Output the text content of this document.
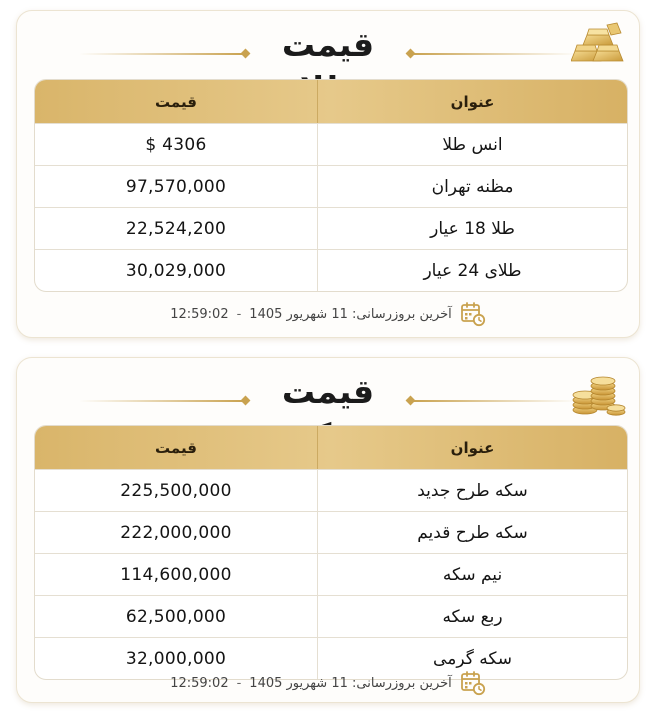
قیمت
قیمت	عنوان
$ 4306	انس طلا
97,570,000	مظنه تهران
22,524,200	طلا 18 عیار
30,029,000	طلای 24 عیار
12:59:02 - آخرین بروزرسانی: 11 شهریور 1405
قیمت
قیمت	عنوان
225,500,000	سکه طرح جدید
222,000,000	سکه طرح قدیم
114,600,000	نیم سکه
62,500,000	ربع سکه
32,000,000	سکه گرمی
12:59:02 - آخرین بروزرسانی: 11 شهریور 1405
